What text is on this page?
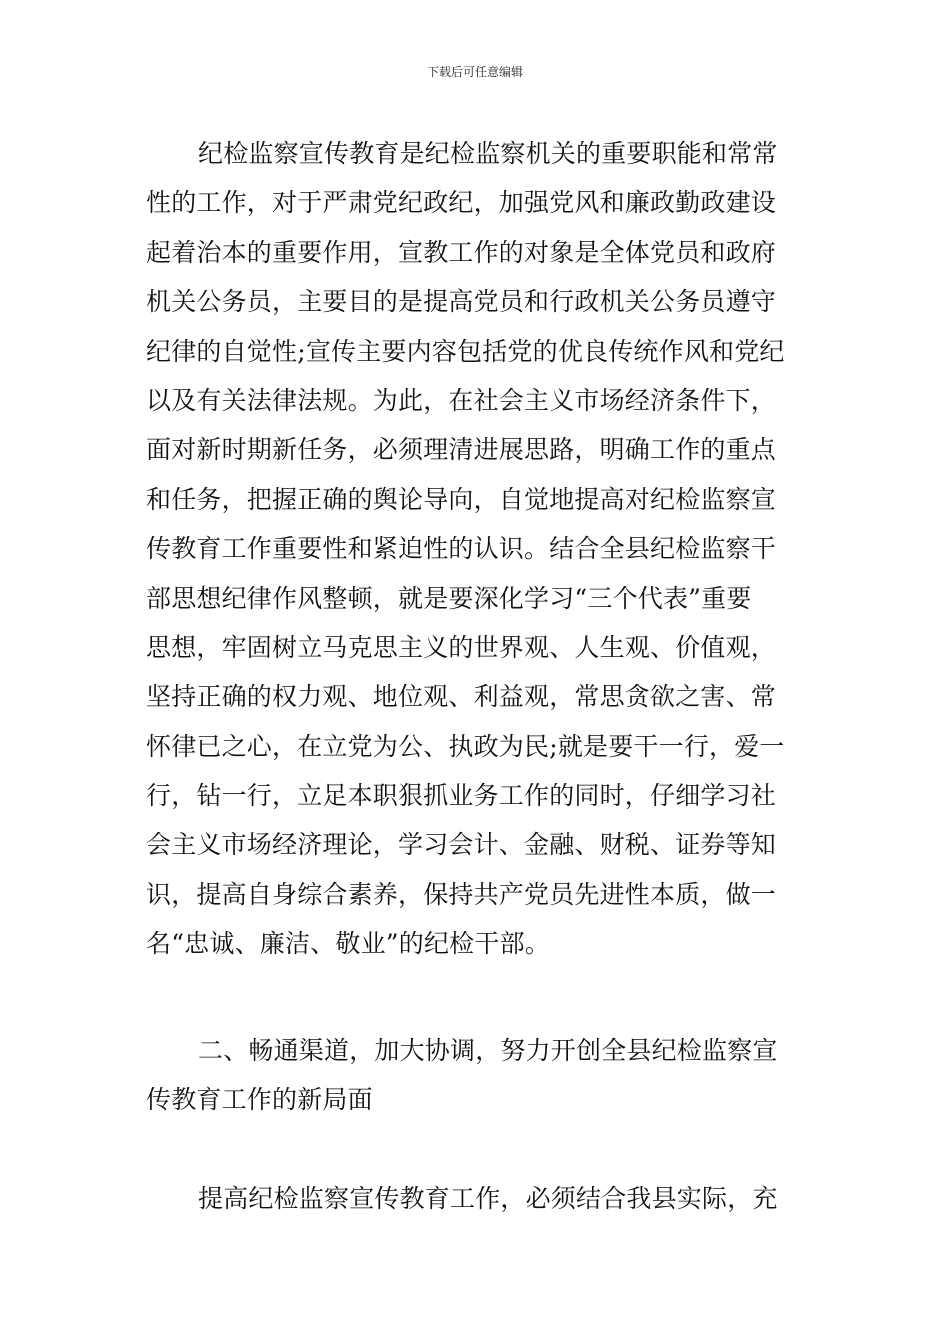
下载后可任意编辑
纪检监察宣传教育是纪检监察机关的重要职能和常常
性的工作，对于严肃党纪政纪，加强党风和廉政勤政建设
起着治本的重要作用，宣教工作的对象是全体党员和政府
机关公务员，主要目的是提高党员和行政机关公务员遵守
纪律的自觉性;宣传主要内容包括党的优良传统作风和党纪
以及有关法律法规。为此，在社会主义市场经济条件下，
面对新时期新任务，必须理清进展思路，明确工作的重点
和任务，把握正确的舆论导向，自觉地提高对纪检监察宣
传教育工作重要性和紧迫性的认识。结合全县纪检监察干
部思想纪律作风整顿，就是要深化学习“三个代表”重要
思想，牢固树立马克思主义的世界观、人生观、价值观，
坚持正确的权力观、地位观、利益观，常思贪欲之害、常
怀律已之心，在立党为公、执政为民;就是要干一行，爱一
行，钻一行，立足本职狠抓业务工作的同时，仔细学习社
会主义市场经济理论，学习会计、金融、财税、证券等知
识，提高自身综合素养，保持共产党员先进性本质，做一
名“忠诚、廉洁、敬业”的纪检干部。
二、畅通渠道，加大协调，努力开创全县纪检监察宣
传教育工作的新局面
提高纪检监察宣传教育工作，必须结合我县实际，充
